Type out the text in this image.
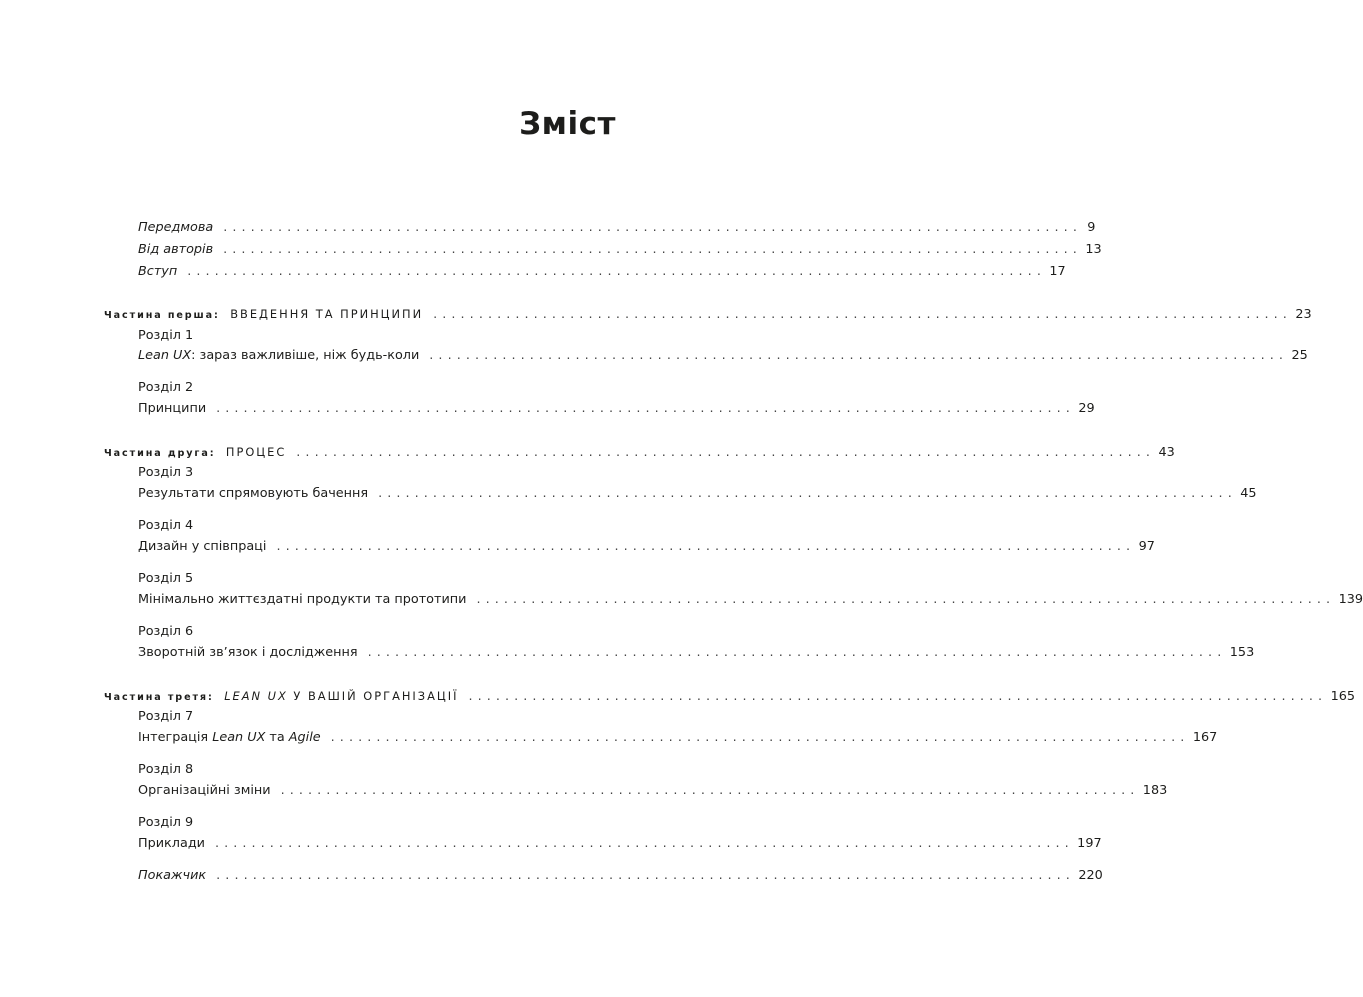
Зміст
Передмова . . . . . . . . . . . . . . . . . . . . . . . . . . . . . . . . . . . . . . . . . . . . . . . . . . . . . . . . . . . . . . . . . . . . . . . . . . . . . . . . . . . . . . . . . . . . . . 9
Від авторів . . . . . . . . . . . . . . . . . . . . . . . . . . . . . . . . . . . . . . . . . . . . . . . . . . . . . . . . . . . . . . . . . . . . . . . . . . . . . . . . . . . . . . . . . . . . . . 13
Вступ . . . . . . . . . . . . . . . . . . . . . . . . . . . . . . . . . . . . . . . . . . . . . . . . . . . . . . . . . . . . . . . . . . . . . . . . . . . . . . . . . . . . . . . . . . . . . . 17
Частина перша: ВВЕДЕННЯ ТА ПРИНЦИПИ . . . . . . . . . . . . . . . . . . . . . . . . . . . . . . . . . . . . . . . . . . . . . . . . . . . . . . . . . . . . . . . . . . . . . . . . . . . . . . . . . . . . . . . . . . . . . . 23
Розділ 1
Lean UX: зараз важливіше, ніж будь-коли . . . . . . . . . . . . . . . . . . . . . . . . . . . . . . . . . . . . . . . . . . . . . . . . . . . . . . . . . . . . . . . . . . . . . . . . . . . . . . . . . . . . . . . . . . . . . . 25
Розділ 2
Принципи . . . . . . . . . . . . . . . . . . . . . . . . . . . . . . . . . . . . . . . . . . . . . . . . . . . . . . . . . . . . . . . . . . . . . . . . . . . . . . . . . . . . . . . . . . . . . . 29
Частина друга: ПРОЦЕС . . . . . . . . . . . . . . . . . . . . . . . . . . . . . . . . . . . . . . . . . . . . . . . . . . . . . . . . . . . . . . . . . . . . . . . . . . . . . . . . . . . . . . . . . . . . . . 43
Розділ 3
Результати спрямовують бачення . . . . . . . . . . . . . . . . . . . . . . . . . . . . . . . . . . . . . . . . . . . . . . . . . . . . . . . . . . . . . . . . . . . . . . . . . . . . . . . . . . . . . . . . . . . . . . 45
Розділ 4
Дизайн у співпраці . . . . . . . . . . . . . . . . . . . . . . . . . . . . . . . . . . . . . . . . . . . . . . . . . . . . . . . . . . . . . . . . . . . . . . . . . . . . . . . . . . . . . . . . . . . . . . 97
Розділ 5
Мінімально життєздатні продукти та прототипи . . . . . . . . . . . . . . . . . . . . . . . . . . . . . . . . . . . . . . . . . . . . . . . . . . . . . . . . . . . . . . . . . . . . . . . . . . . . . . . . . . . . . . . . . . . . . . 139
Розділ 6
Зворотній зв’язок і дослідження . . . . . . . . . . . . . . . . . . . . . . . . . . . . . . . . . . . . . . . . . . . . . . . . . . . . . . . . . . . . . . . . . . . . . . . . . . . . . . . . . . . . . . . . . . . . . . 153
Частина третя: LEAN UX У ВАШІЙ ОРГАНІЗАЦІЇ . . . . . . . . . . . . . . . . . . . . . . . . . . . . . . . . . . . . . . . . . . . . . . . . . . . . . . . . . . . . . . . . . . . . . . . . . . . . . . . . . . . . . . . . . . . . . . 165
Розділ 7
Інтеграція Lean UX та Agile . . . . . . . . . . . . . . . . . . . . . . . . . . . . . . . . . . . . . . . . . . . . . . . . . . . . . . . . . . . . . . . . . . . . . . . . . . . . . . . . . . . . . . . . . . . . . . 167
Розділ 8
Організаційні зміни . . . . . . . . . . . . . . . . . . . . . . . . . . . . . . . . . . . . . . . . . . . . . . . . . . . . . . . . . . . . . . . . . . . . . . . . . . . . . . . . . . . . . . . . . . . . . . 183
Розділ 9
Приклади . . . . . . . . . . . . . . . . . . . . . . . . . . . . . . . . . . . . . . . . . . . . . . . . . . . . . . . . . . . . . . . . . . . . . . . . . . . . . . . . . . . . . . . . . . . . . . 197
Покажчик . . . . . . . . . . . . . . . . . . . . . . . . . . . . . . . . . . . . . . . . . . . . . . . . . . . . . . . . . . . . . . . . . . . . . . . . . . . . . . . . . . . . . . . . . . . . . . 220
